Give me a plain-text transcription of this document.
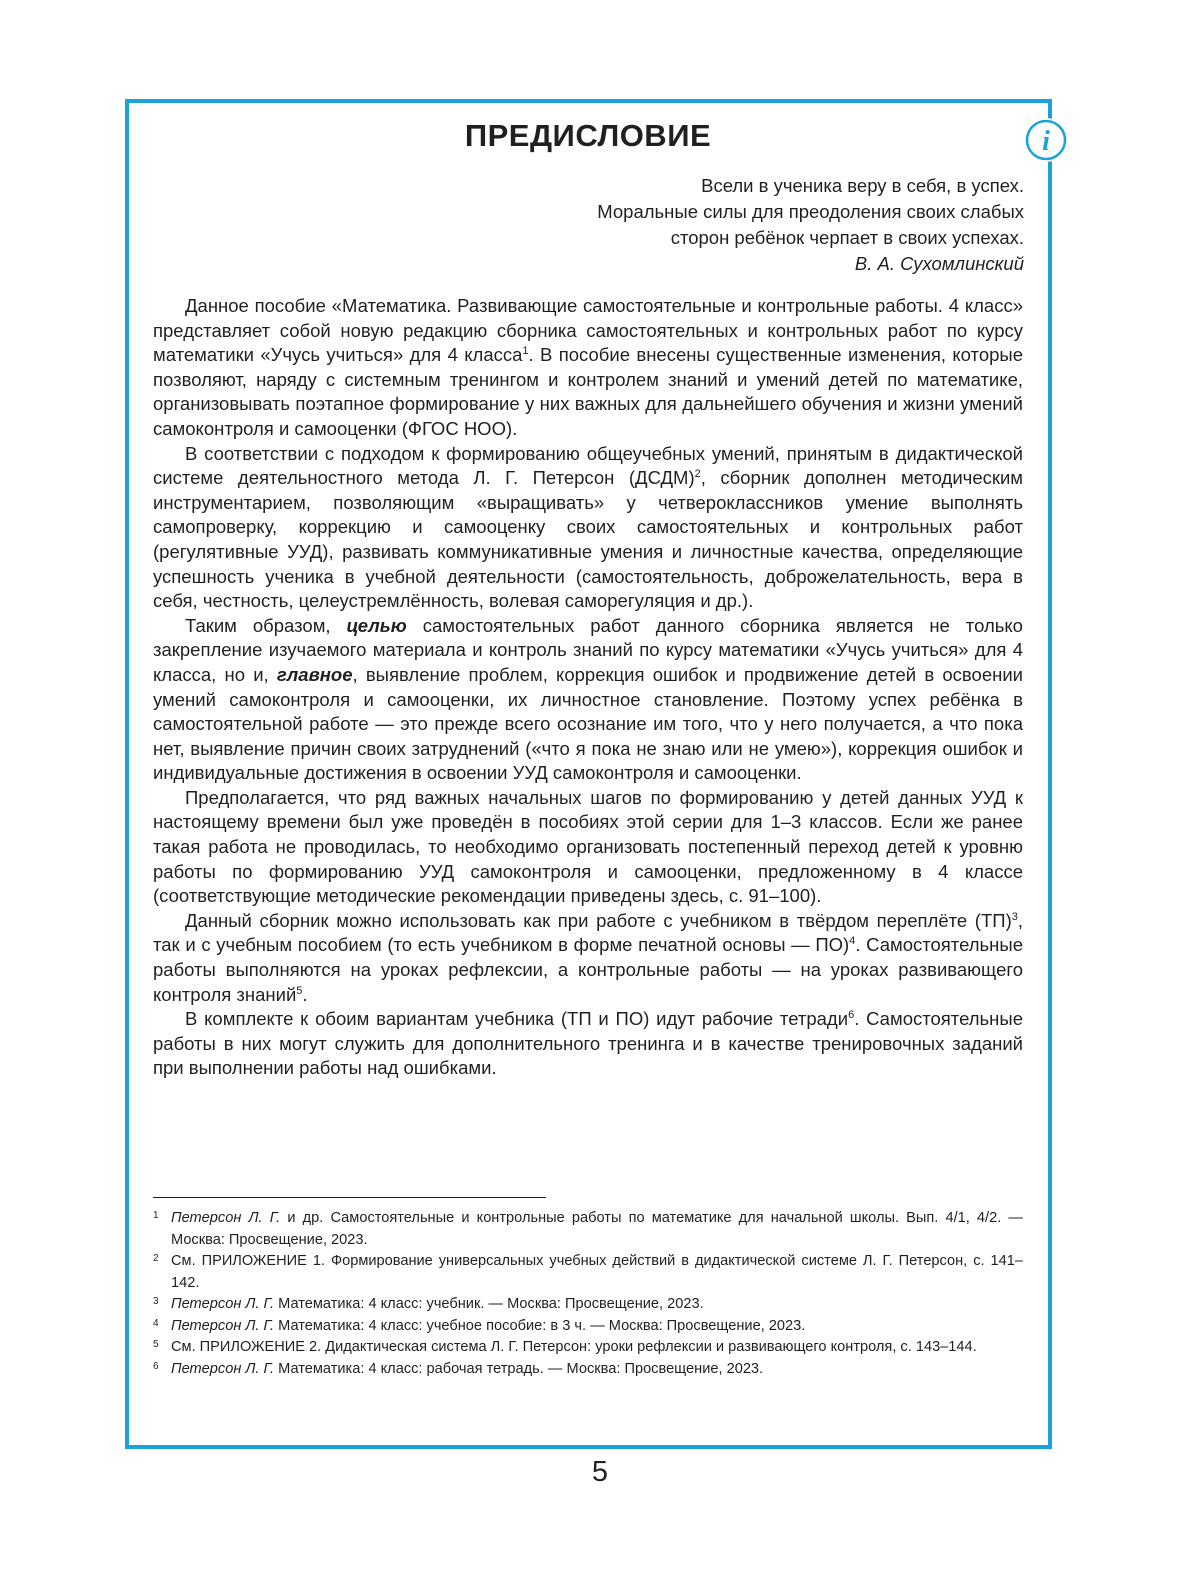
i
ПРЕДИСЛОВИЕ
Всели в ученика веру в себя, в успех.
Моральные силы для преодоления своих слабых
сторон ребёнок черпает в своих успехах.
В. А. Сухомлинский

Данное пособие «Математика. Развивающие самостоятельные и контрольные работы. 4 класс» представляет собой новую редакцию сборника самостоятельных и контрольных работ по курсу математики «Учусь учиться» для 4 класса$^1$. В пособие внесены существенные изменения, которые позволяют, наряду с системным тренингом и контролем знаний и умений детей по математике, организовывать поэтапное формирование у них важных для дальнейшего обучения и жизни умений самоконтроля и самооценки (ФГОС НОО).

В соответствии с подходом к формированию общеучебных умений, принятым в дидактической системе деятельностного метода Л. Г. Петерсон (ДСДМ)$^2$, сборник дополнен методическим инструментарием, позволяющим «выращивать» у четвероклассников умение выполнять самопроверку, коррекцию и самооценку своих самостоятельных и контрольных работ (регулятивные УУД), развивать коммуникативные умения и личностные качества, определяющие успешность ученика в учебной деятельности (самостоятельность, доброжелательность, вера в себя, честность, целеустремлённость, волевая саморегуляция и др.).

Таким образом, целью самостоятельных работ данного сборника является не только закрепление изучаемого материала и контроль знаний по курсу математики «Учусь учиться» для 4 класса, но и, главное, выявление проблем, коррекция ошибок и продвижение детей в освоении умений самоконтроля и самооценки, их личностное становление. Поэтому успех ребёнка в самостоятельной работе — это прежде всего осознание им того, что у него получается, а что пока нет, выявление причин своих затруднений («что я пока не знаю или не умею»), коррекция ошибок и индивидуальные достижения в освоении УУД самоконтроля и самооценки.

Предполагается, что ряд важных начальных шагов по формированию у детей данных УУД к настоящему времени был уже проведён в пособиях этой серии для 1–3 классов. Если же ранее такая работа не проводилась, то необходимо организовать постепенный переход детей к уровню работы по формированию УУД самоконтроля и самооценки, предложенному в 4 классе (соответствующие методические рекомендации приведены здесь, с. 91–100).

Данный сборник можно использовать как при работе с учебником в твёрдом переплёте (ТП)$^3$, так и с учебным пособием (то есть учебником в форме печатной основы — ПО)$^4$. Самостоятельные работы выполняются на уроках рефлексии, а контрольные работы — на уроках развивающего контроля знаний$^5$.

В комплекте к обоим вариантам учебника (ТП и ПО) идут рабочие тетради$^6$. Самостоятельные работы в них могут служить для дополнительного тренинга и в качестве тренировочных заданий при выполнении работы над ошибками.

1 Петерсон Л. Г. и др. Самостоятельные и контрольные работы по математике для начальной школы. Вып. 4/1, 4/2. — Москва: Просвещение, 2023.
2 См. ПРИЛОЖЕНИЕ 1. Формирование универсальных учебных действий в дидактической системе Л. Г. Петерсон, с. 141–142.
3 Петерсон Л. Г. Математика: 4 класс: учебник. — Москва: Просвещение, 2023.
4 Петерсон Л. Г. Математика: 4 класс: учебное пособие: в 3 ч. — Москва: Просвещение, 2023.
5 См. ПРИЛОЖЕНИЕ 2. Дидактическая система Л. Г. Петерсон: уроки рефлексии и развивающего контроля, с. 143–144.
6 Петерсон Л. Г. Математика: 4 класс: рабочая тетрадь. — Москва: Просвещение, 2023.
5
